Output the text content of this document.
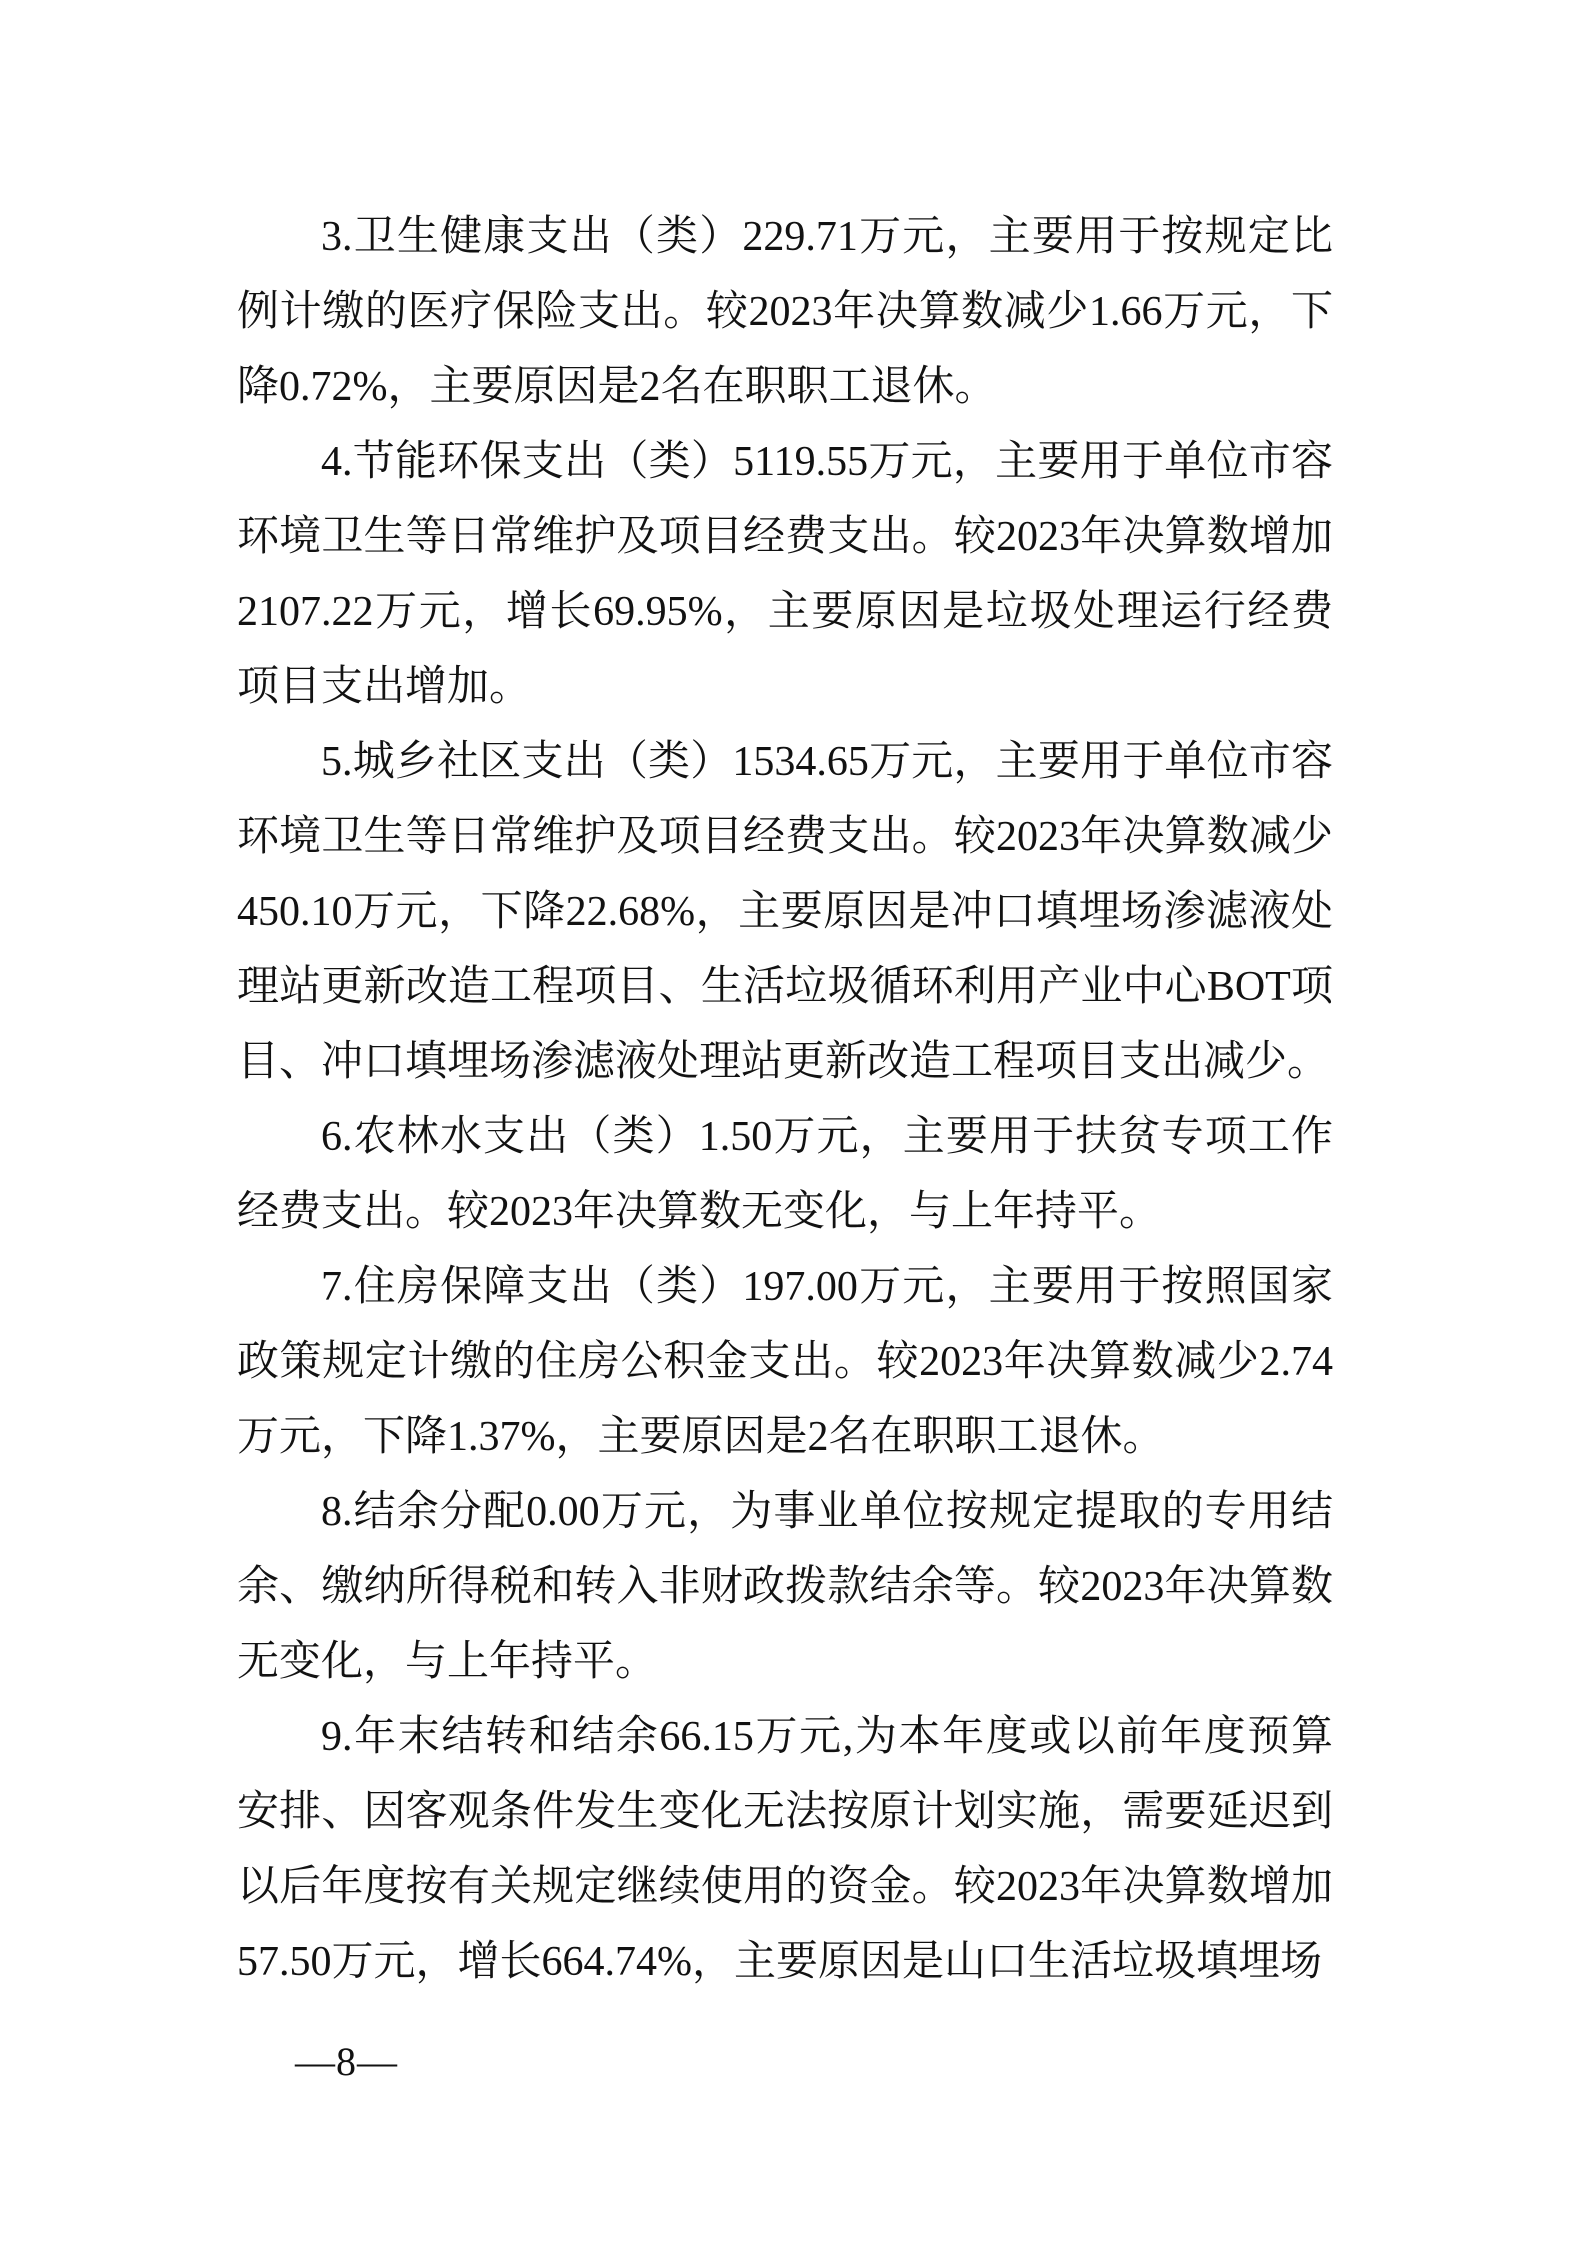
3.卫生健康支出（类）229.71万元，主要用于按规定比例计缴的医疗保险支出。较2023年决算数减少1.66万元，下降0.72%，主要原因是2名在职职工退休。

4.节能环保支出（类）5119.55万元，主要用于单位市容环境卫生等日常维护及项目经费支出。较2023年决算数增加2107.22万元，增长69.95%，主要原因是垃圾处理运行经费项目支出增加。

5.城乡社区支出（类）1534.65万元，主要用于单位市容环境卫生等日常维护及项目经费支出。较2023年决算数减少450.10万元，下降22.68%，主要原因是冲口填埋场渗滤液处理站更新改造工程项目、生活垃圾循环利用产业中心BOT项目、冲口填埋场渗滤液处理站更新改造工程项目支出减少。

6.农林水支出（类）1.50万元，主要用于扶贫专项工作经费支出。较2023年决算数无变化，与上年持平。

7.住房保障支出（类）197.00万元，主要用于按照国家政策规定计缴的住房公积金支出。较2023年决算数减少2.74万元，下降1.37%，主要原因是2名在职职工退休。

8.结余分配0.00万元，为事业单位按规定提取的专用结余、缴纳所得税和转入非财政拨款结余等。较2023年决算数无变化，与上年持平。

9.年末结转和结余66.15万元,为本年度或以前年度预算安排、因客观条件发生变化无法按原计划实施，需要延迟到以后年度按有关规定继续使用的资金。较2023年决算数增加57.50万元，增长664.74%，主要原因是山口生活垃圾填埋场

—8—
